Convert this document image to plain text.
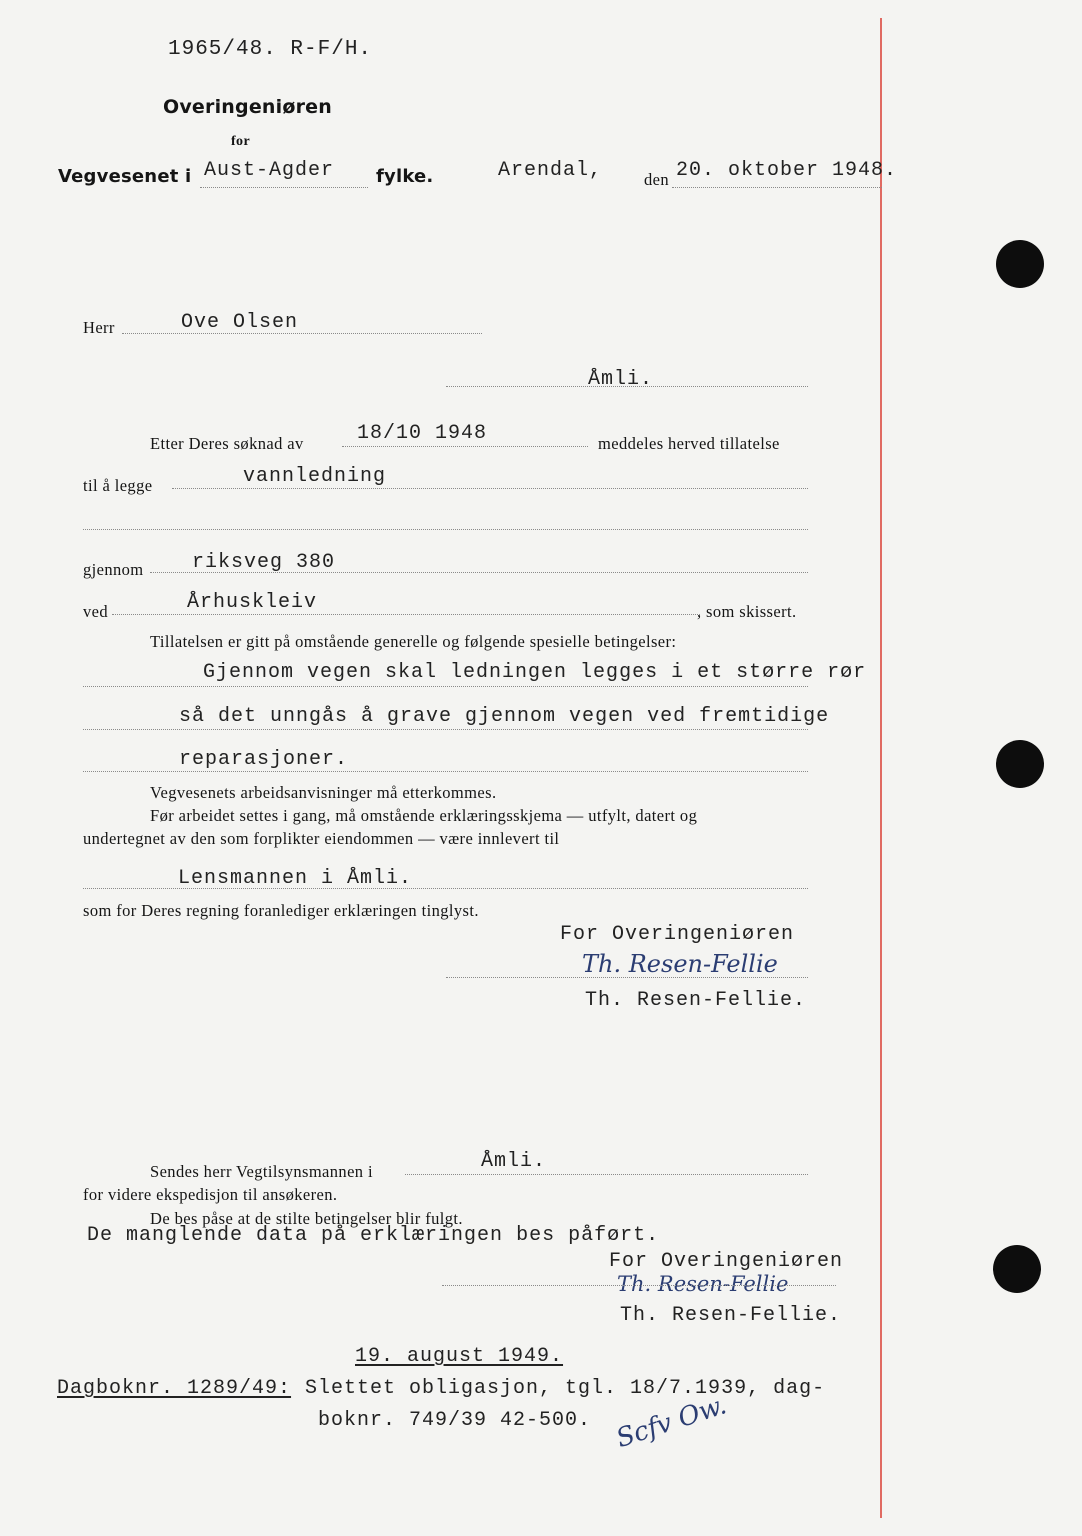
1965/48. R-F/H.
Overingeniøren
for
Vegvesenet i Aust-Agder fylke.	Arendal,	den 20. oktober 1948.
Herr	Ove Olsen
Åmli.
Etter Deres søknad av	18/10 1948	meddeles herved tillatelse
til å legge	vannledning
gjennom riksveg 380
ved	Århuskleiv	, som skissert.
Tillatelsen er gitt på omstående generelle og følgende spesielle betingelser:
Gjennom vegen skal ledningen legges i et større rør
så det unngås å grave gjennom vegen ved fremtidige
reparasjoner.
Vegvesenets arbeidsanvisninger må etterkommes.
Før arbeidet settes i gang, må omstående erklæringsskjema — utfylt, datert og
undertegnet av den som forplikter eiendommen — være innlevert til
Lensmannen i Åmli.
som for Deres regning foranlediger erklæringen tinglyst.
For Overingeniøren
Th. Resen-Fellie
Th. Resen-Fellie.
Sendes herr Vegtilsynsmannen i	Åmli.
for videre ekspedisjon til ansøkeren.
De bes påse at de stilte betingelser blir fulgt.
De manglende data på erklæringen bes påført.
For Overingeniøren
Th. Resen-Fellie
Th. Resen-Fellie.
19. august 1949.
Dagboknr. 1289/49: Slettet obligasjon, tgl. 18/7.1939, dag-
boknr. 749/39 42-500. Scfv Ow.
